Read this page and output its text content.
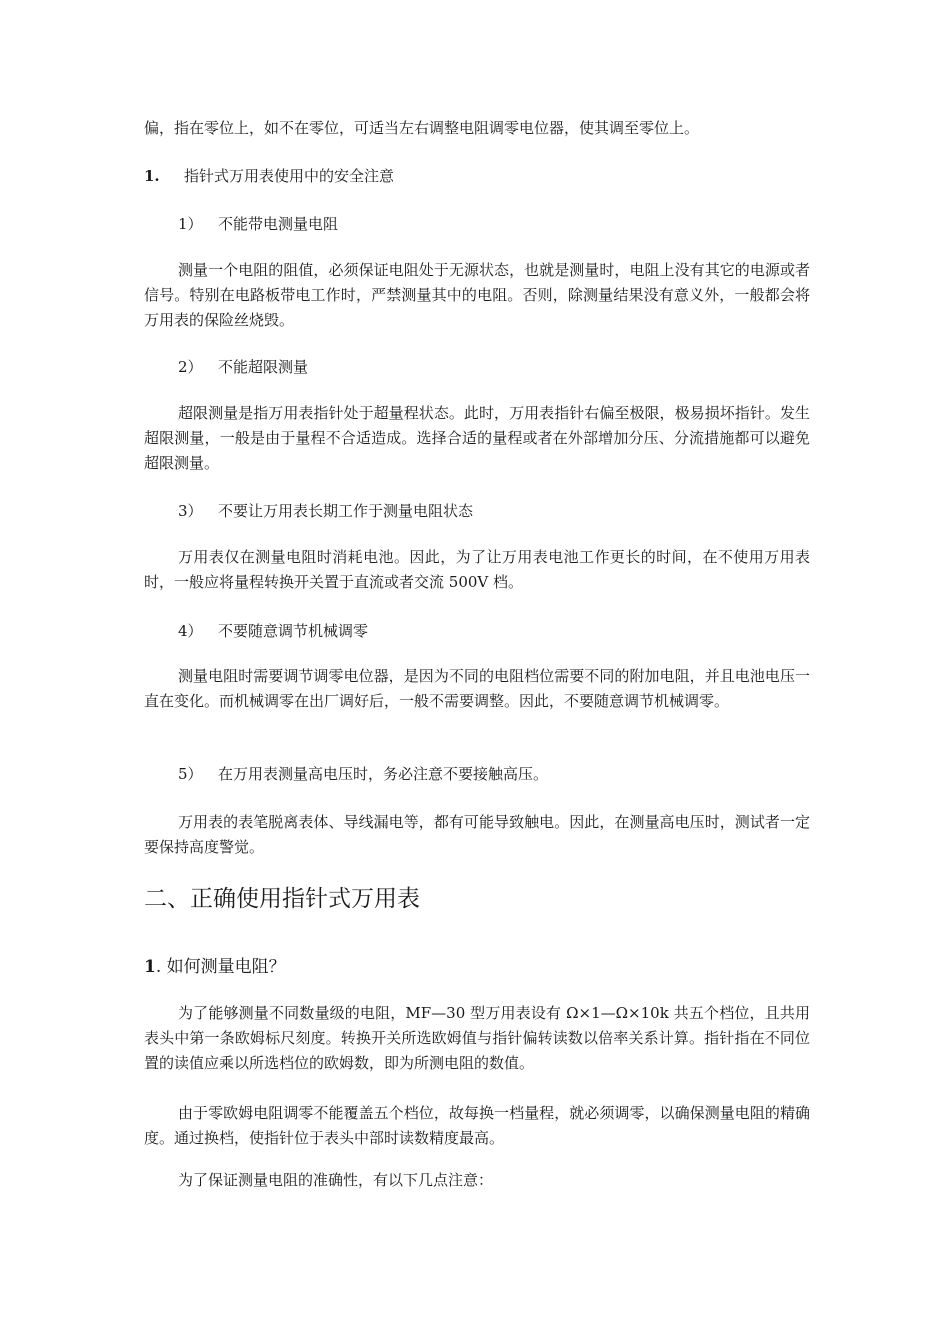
偏，指在零位上，如不在零位，可适当左右调整电阻调零电位器，使其调至零位上。
1. 指针式万用表使用中的安全注意
1） 不能带电测量电阻
测量一个电阻的阻值，必须保证电阻处于无源状态，也就是测量时，电阻上没有其它的电源或者信号。特别在电路板带电工作时，严禁测量其中的电阻。否则，除测量结果没有意义外，一般都会将万用表的保险丝烧毁。
2） 不能超限测量
超限测量是指万用表指针处于超量程状态。此时，万用表指针右偏至极限，极易损坏指针。发生超限测量，一般是由于量程不合适造成。选择合适的量程或者在外部增加分压、分流措施都可以避免超限测量。
3） 不要让万用表长期工作于测量电阻状态
万用表仅在测量电阻时消耗电池。因此，为了让万用表电池工作更长的时间，在不使用万用表时，一般应将量程转换开关置于直流或者交流 500V 档。
4） 不要随意调节机械调零
测量电阻时需要调节调零电位器，是因为不同的电阻档位需要不同的附加电阻，并且电池电压一直在变化。而机械调零在出厂调好后，一般不需要调整。因此，不要随意调节机械调零。
5） 在万用表测量高电压时，务必注意不要接触高压。
万用表的表笔脱离表体、导线漏电等，都有可能导致触电。因此，在测量高电压时，测试者一定要保持高度警觉。
二、正确使用指针式万用表
1. 如何测量电阻？
为了能够测量不同数量级的电阻，MF—30 型万用表设有 Ω×1—Ω×10k 共五个档位，且共用表头中第一条欧姆标尺刻度。转换开关所选欧姆值与指针偏转读数以倍率关系计算。指针指在不同位置的读值应乘以所选档位的欧姆数，即为所测电阻的数值。
由于零欧姆电阻调零不能覆盖五个档位，故每换一档量程，就必须调零，以确保测量电阻的精确度。通过换档，使指针位于表头中部时读数精度最高。
为了保证测量电阻的准确性，有以下几点注意：
